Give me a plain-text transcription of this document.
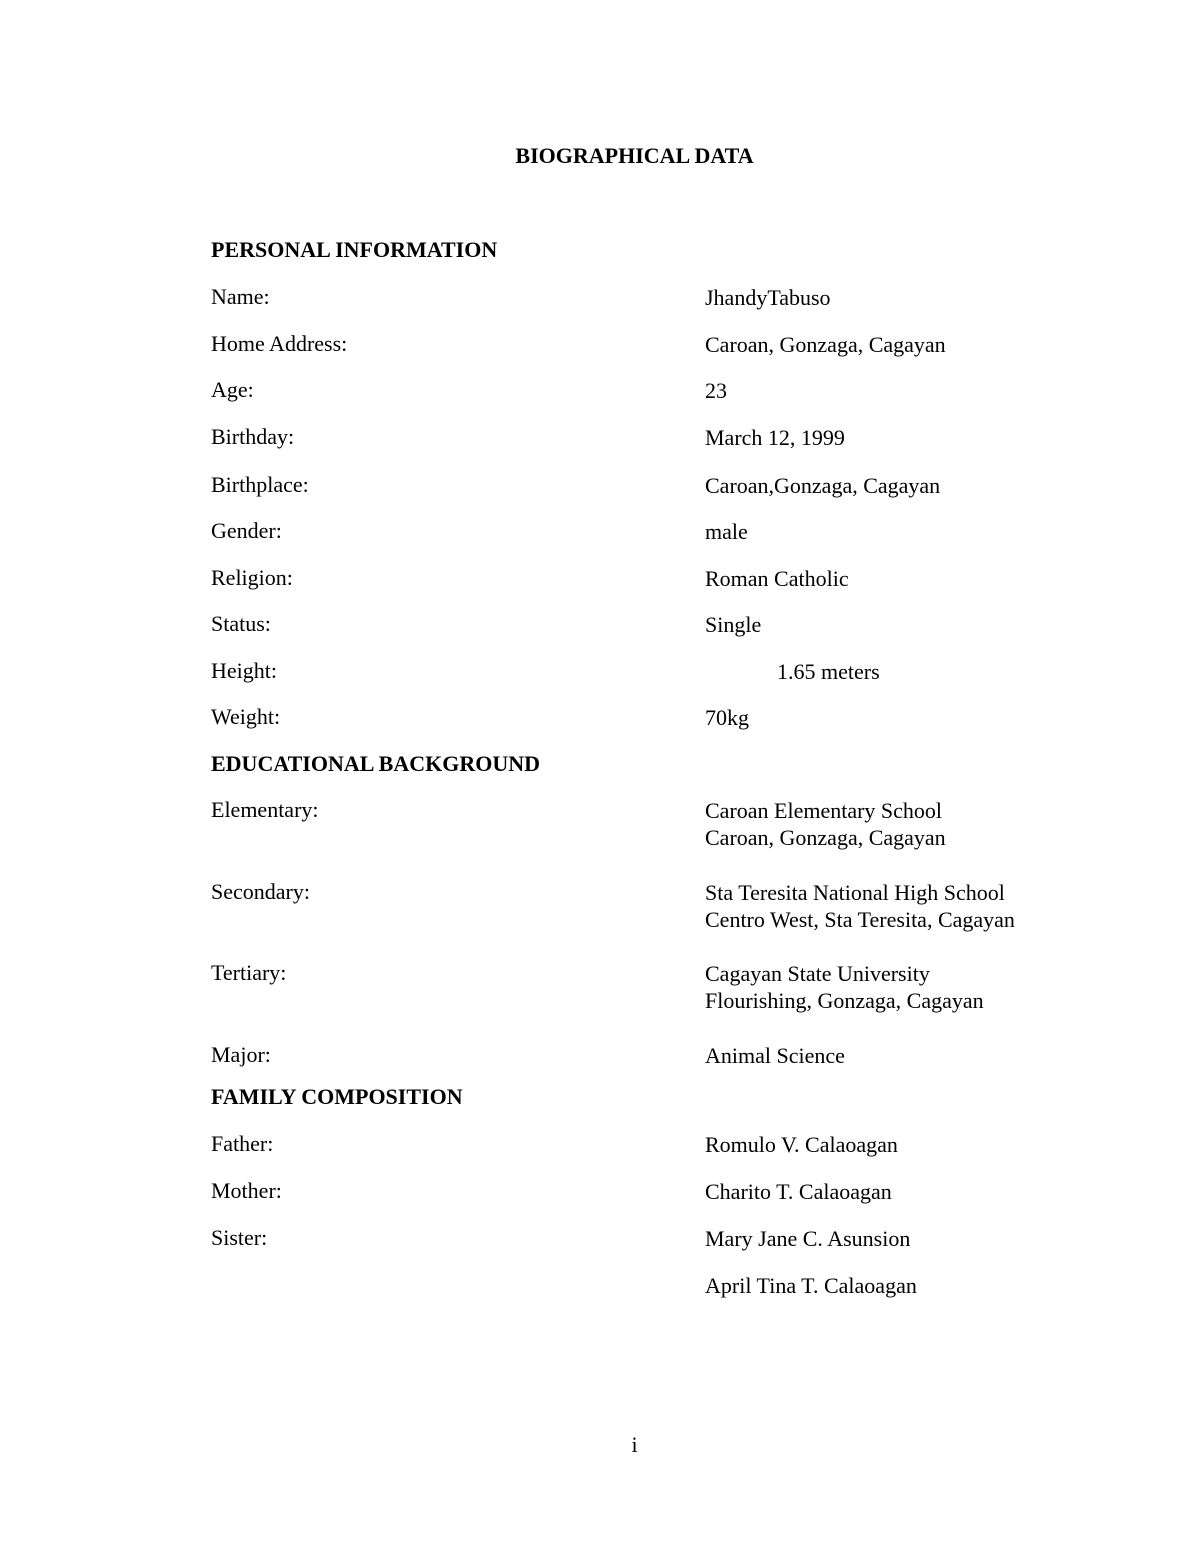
BIOGRAPHICAL DATA
PERSONAL INFORMATION
Name:	JhandyTabuso
Home Address:	Caroan, Gonzaga, Cagayan
Age:	23
Birthday:	March 12, 1999
Birthplace:	Caroan,Gonzaga, Cagayan
Gender:	male
Religion:	Roman Catholic
Status:	Single
Height:	1.65 meters
Weight:	70kg
EDUCATIONAL BACKGROUND
Elementary:	Caroan Elementary School
Caroan, Gonzaga, Cagayan
Secondary:	Sta Teresita National High School
Centro West, Sta Teresita, Cagayan
Tertiary:	Cagayan State University
Flourishing, Gonzaga, Cagayan
Major:	Animal Science
FAMILY COMPOSITION
Father:	Romulo V. Calaoagan
Mother:	Charito T. Calaoagan
Sister:	Mary Jane C. Asunsion
April Tina T. Calaoagan
i
